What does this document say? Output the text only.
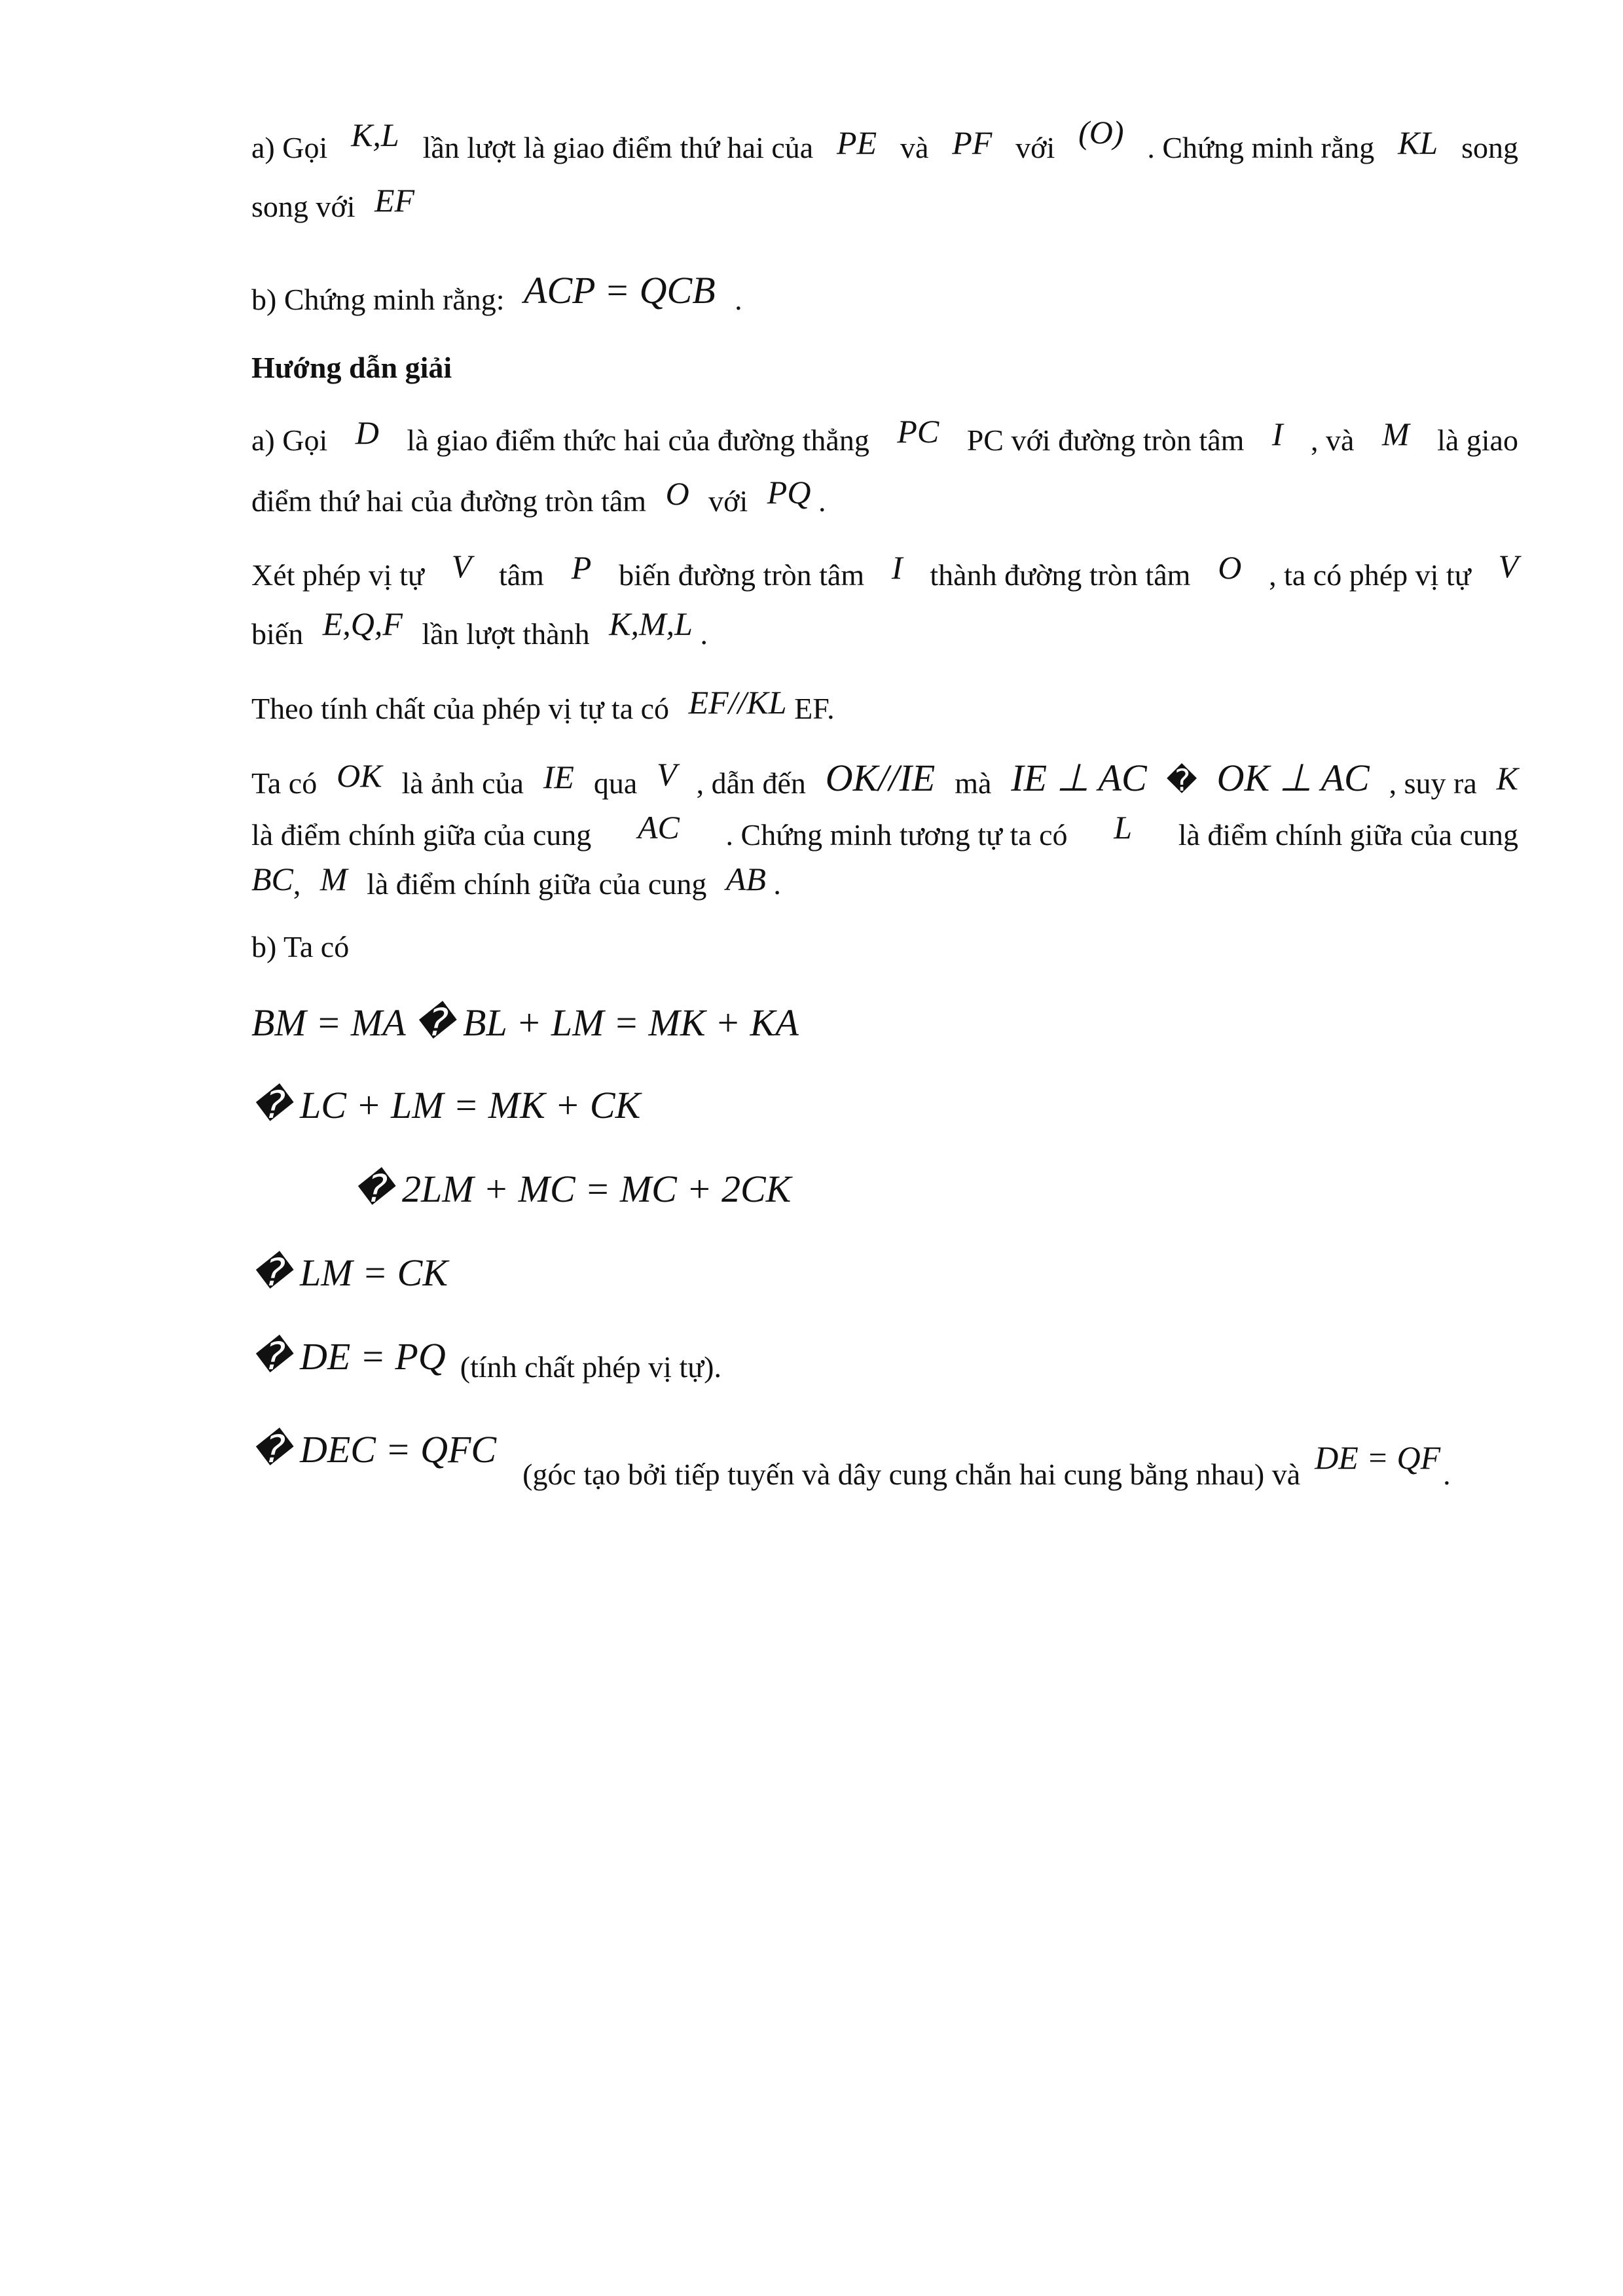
a) Gọi K,L lần lượt là giao điểm thứ hai của PE và PF với (O) . Chứng minh rằng KL song
song với EF
b) Chứng minh rằng: ACP = QCB .
Hướng dẫn giải
a) Gọi D là giao điểm thức hai của đường thẳng PC PC với đường tròn tâm I , và M là giao
điểm thứ hai của đường tròn tâm O với PQ .
Xét phép vị tự V tâm P biến đường tròn tâm I thành đường tròn tâm O , ta có phép vị tự V
biến E,Q,F lần lượt thành K,M,L .
Theo tính chất của phép vị tự ta có EF//KL EF.
Ta có OK là ảnh của IE qua V , dẫn đến OK//IE mà IE ⊥ AC � OK ⊥ AC , suy ra K
là điểm chính giữa của cung AC . Chứng minh tương tự ta có L là điểm chính giữa của cung
BC, M là điểm chính giữa của cung AB .
b) Ta có
BM = MA � BL + LM = MK + KA
� LC + LM = MK + CK
� 2LM + MC = MC + 2CK
� LM = CK
� DE = PQ (tính chất phép vị tự).
� DEC = QFC (góc tạo bởi tiếp tuyến và dây cung chắn hai cung bằng nhau) và DE = QF .
